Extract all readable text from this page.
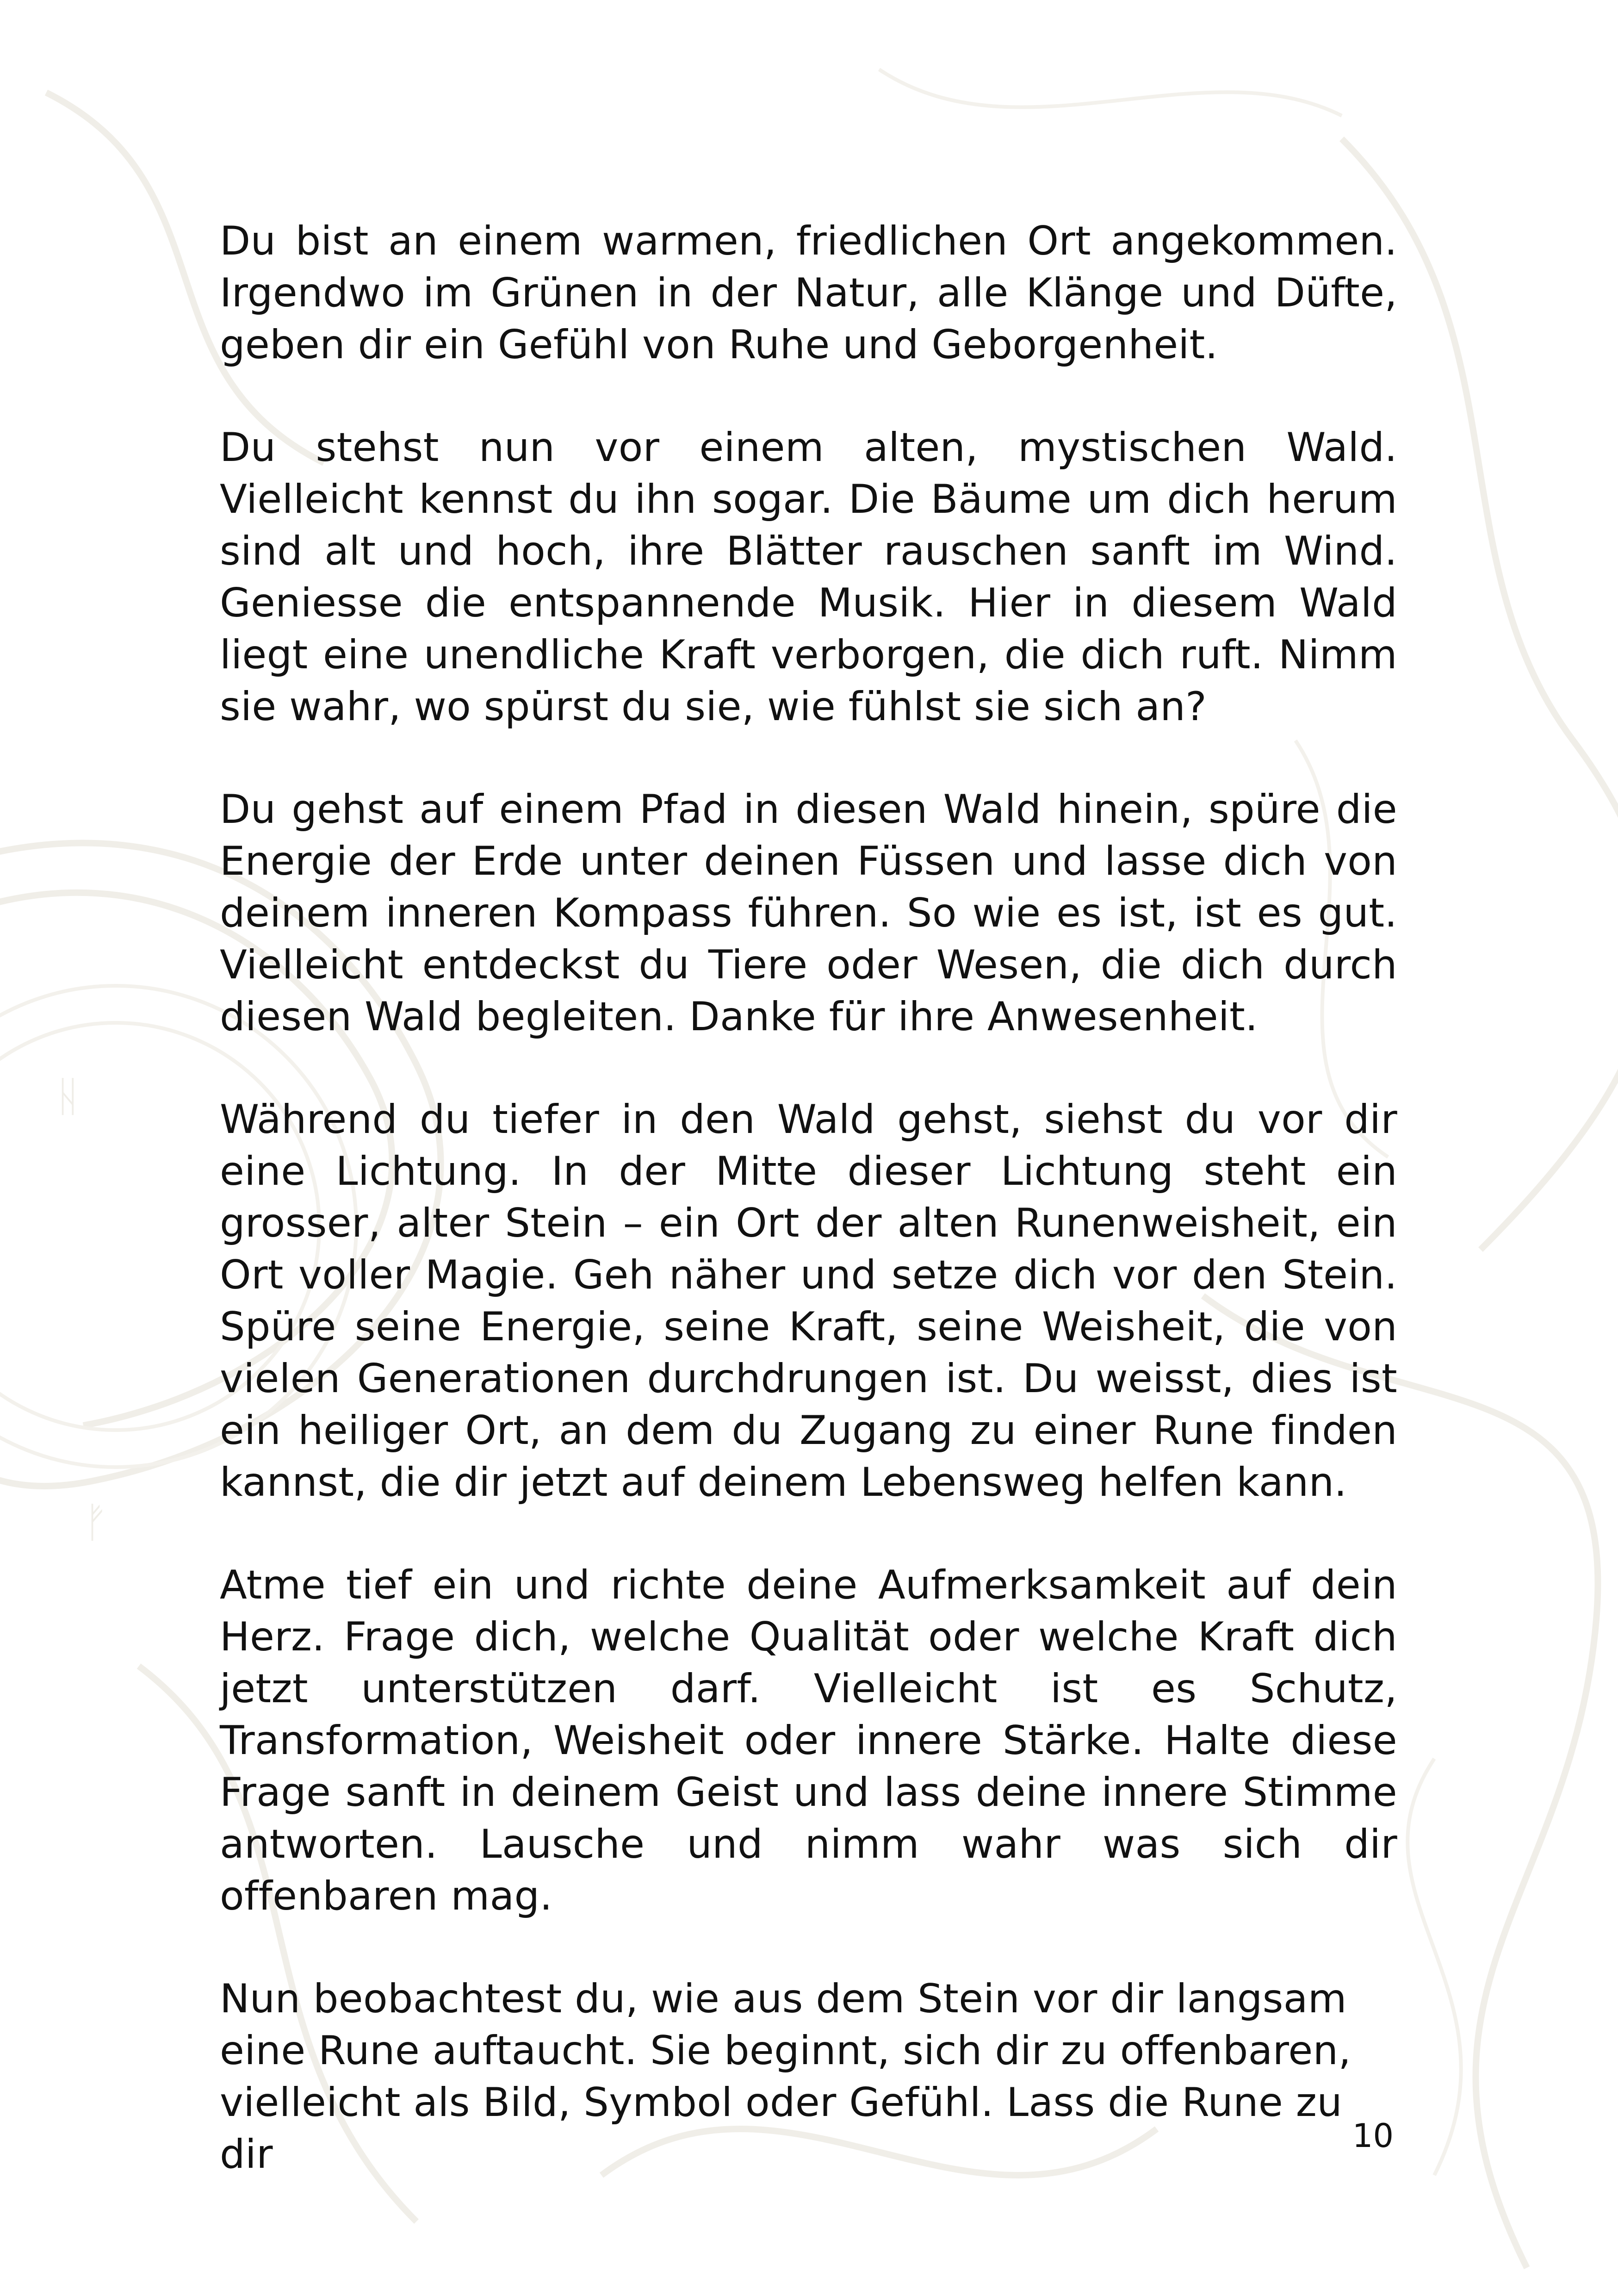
ᚺ
ᚠ

Du bist an einem warmen, friedlichen Ort angekommen. Irgendwo im Grünen in der Natur, alle Klänge und Düfte, geben dir ein Gefühl von Ruhe und Geborgenheit.

Du stehst nun vor einem alten, mystischen Wald. Vielleicht kennst du ihn sogar. Die Bäume um dich herum sind alt und hoch, ihre Blätter rauschen sanft im Wind. Geniesse die entspannende Musik. Hier in diesem Wald liegt eine unendliche Kraft verborgen, die dich ruft. Nimm sie wahr, wo spürst du sie, wie fühlst sie sich an?

Du gehst auf einem Pfad in diesen Wald hinein, spüre die Energie der Erde unter deinen Füssen und lasse dich von deinem inneren Kompass führen. So wie es ist, ist es gut. Vielleicht entdeckst du Tiere oder Wesen, die dich durch diesen Wald begleiten. Danke für ihre Anwesenheit.

Während du tiefer in den Wald gehst, siehst du vor dir eine Lichtung. In der Mitte dieser Lichtung steht ein grosser, alter Stein – ein Ort der alten Runenweisheit, ein Ort voller Magie. Geh näher und setze dich vor den Stein. Spüre seine Energie, seine Kraft, seine Weisheit, die von vielen Generationen durchdrungen ist. Du weisst, dies ist ein heiliger Ort, an dem du Zugang zu einer Rune finden kannst, die dir jetzt auf deinem Lebensweg helfen kann.

Atme tief ein und richte deine Aufmerksamkeit auf dein Herz. Frage dich, welche Qualität oder welche Kraft dich jetzt unterstützen darf. Vielleicht ist es Schutz, Transformation, Weisheit oder innere Stärke. Halte diese Frage sanft in deinem Geist und lass deine innere Stimme antworten. Lausche und nimm wahr was sich dir offenbaren mag.

Nun beobachtest du, wie aus dem Stein vor dir langsam eine Rune auftaucht. Sie beginnt, sich dir zu offenbaren, vielleicht als Bild, Symbol oder Gefühl. Lass die Rune zu dir	10
